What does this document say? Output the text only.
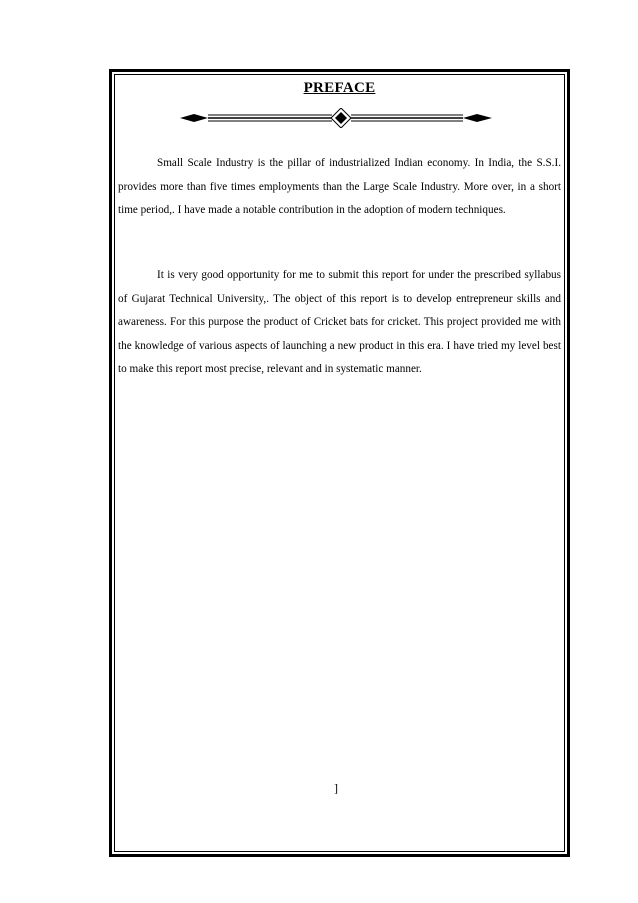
PREFACE

Small Scale Industry is the pillar of industrialized Indian economy. In India, the S.S.I. provides more than five times employments than the Large Scale Industry. More over, in a short time period,. I have made a notable contribution in the adoption of modern techniques.

It is very good opportunity for me to submit this report for under the prescribed syllabus of Gujarat Technical University,. The object of this report is to develop entrepreneur skills and awareness. For this purpose the product of Cricket bats for cricket. This project provided me with the knowledge of various aspects of launching a new product in this era. I have tried my level best to make this report most precise, relevant and in systematic manner.

]
